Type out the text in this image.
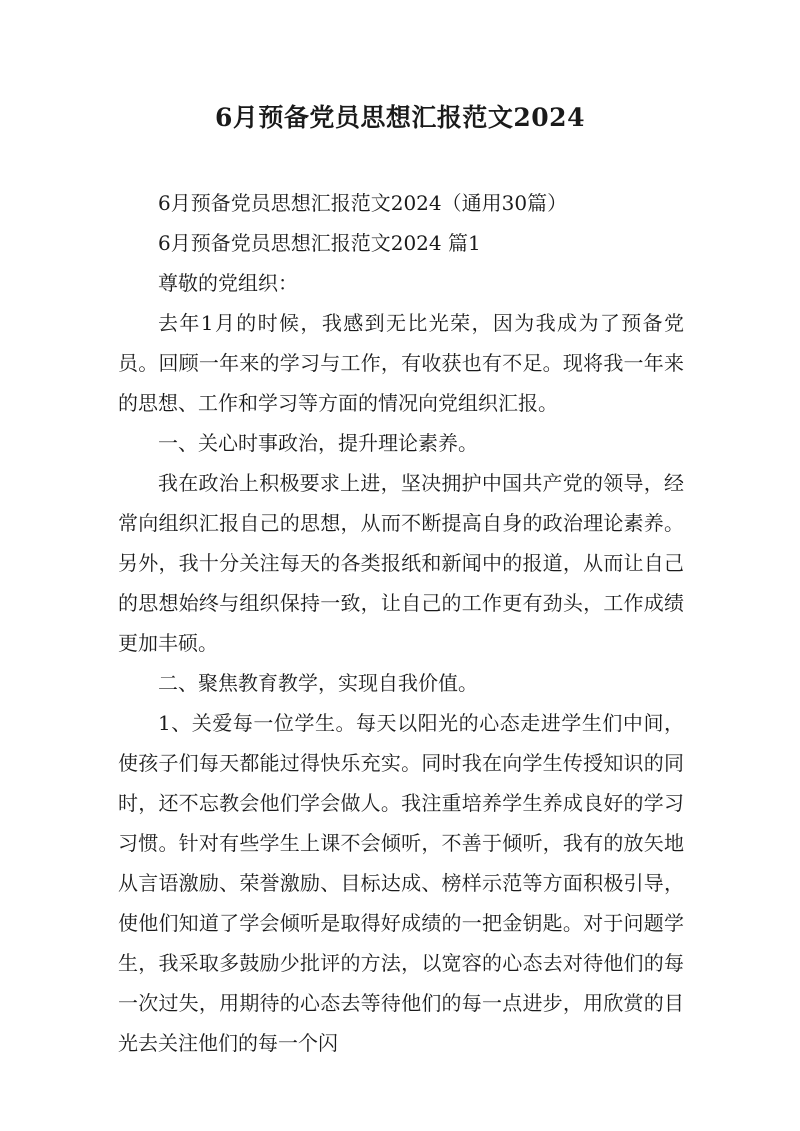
6月预备党员思想汇报范文2024

6月预备党员思想汇报范文2024（通用30篇）

6月预备党员思想汇报范文2024 篇1

尊敬的党组织：

去年1月的时候，我感到无比光荣，因为我成为了预备党员。回顾一年来的学习与工作，有收获也有不足。现将我一年来的思想、工作和学习等方面的情况向党组织汇报。

一、关心时事政治，提升理论素养。

我在政治上积极要求上进，坚决拥护中国共产党的领导，经常向组织汇报自己的思想，从而不断提高自身的政治理论素养。另外，我十分关注每天的各类报纸和新闻中的报道，从而让自己的思想始终与组织保持一致，让自己的工作更有劲头，工作成绩更加丰硕。

二、聚焦教育教学，实现自我价值。

1、关爱每一位学生。每天以阳光的心态走进学生们中间，使孩子们每天都能过得快乐充实。同时我在向学生传授知识的同时，还不忘教会他们学会做人。我注重培养学生养成良好的学习习惯。针对有些学生上课不会倾听，不善于倾听，我有的放矢地从言语激励、荣誉激励、目标达成、榜样示范等方面积极引导，使他们知道了学会倾听是取得好成绩的一把金钥匙。对于问题学生，我采取多鼓励少批评的方法，以宽容的心态去对待他们的每一次过失，用期待的心态去等待他们的每一点进步，用欣赏的目光去关注他们的每一个闪
